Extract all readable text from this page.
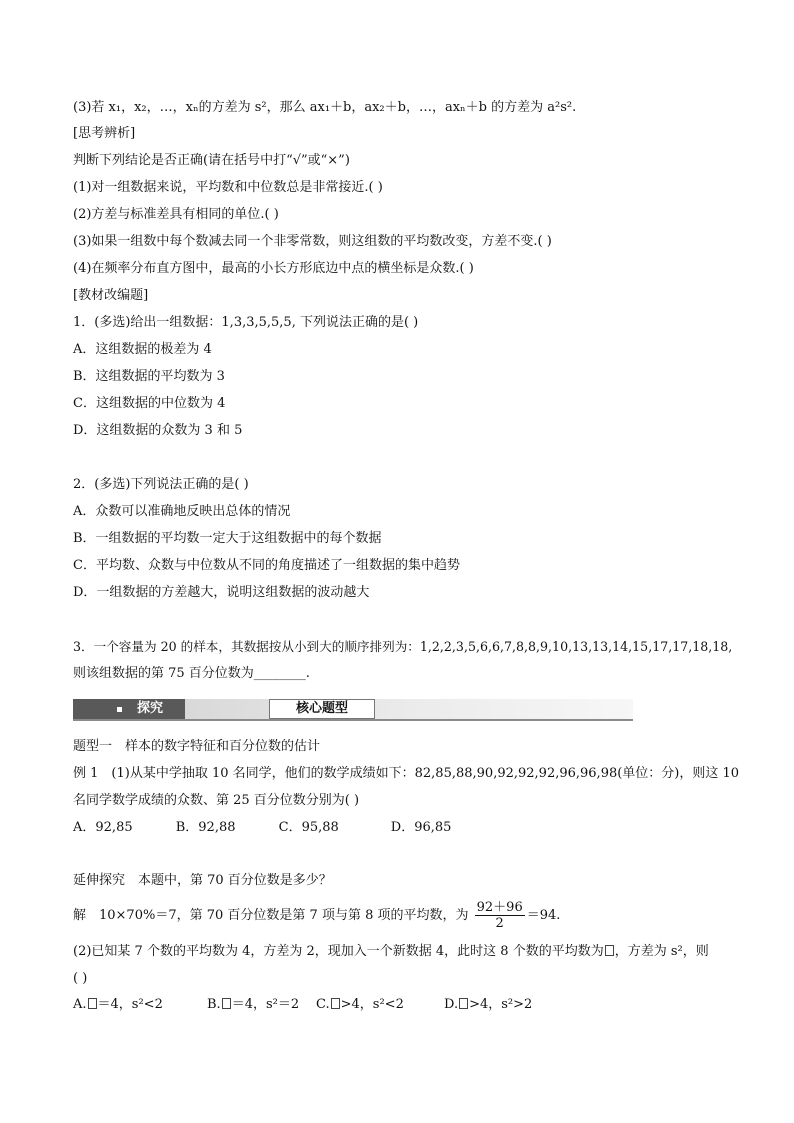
(3)若 x₁，x₂，…，xₙ的方差为 s²，那么 ax₁＋b，ax₂＋b，…，axₙ＋b 的方差为 a²s².
[思考辨析]
判断下列结论是否正确(请在括号中打“√”或“×”)
(1)对一组数据来说，平均数和中位数总是非常接近.( )
(2)方差与标准差具有相同的单位.( )
(3)如果一组数中每个数减去同一个非零常数，则这组数的平均数改变，方差不变.( )
(4)在频率分布直方图中，最高的小长方形底边中点的横坐标是众数.( )
[教材改编题]
1．(多选)给出一组数据：1,3,3,5,5,5, 下列说法正确的是( )
A．这组数据的极差为 4
B．这组数据的平均数为 3
C．这组数据的中位数为 4
D．这组数据的众数为 3 和 5
2．(多选)下列说法正确的是( )
A．众数可以准确地反映出总体的情况
B．一组数据的平均数一定大于这组数据中的每个数据
C．平均数、众数与中位数从不同的角度描述了一组数据的集中趋势
D．一组数据的方差越大，说明这组数据的波动越大
3．一个容量为 20 的样本，其数据按从小到大的顺序排列为：1,2,2,3,5,6,6,7,8,8,9,10,13,13,14,15,17,17,18,18,
则该组数据的第 75 百分位数为________.
探究	核心题型
题型一　样本的数字特征和百分位数的估计
例 1　(1)从某中学抽取 10 名同学，他们的数学成绩如下：82,85,88,90,92,92,92,96,96,98(单位：分)，则这 10
名同学数学成绩的众数、第 25 百分位数分别为( )
A．92,85　　　 B．92,88　　　 C．95,88　　　　D．96,85
延伸探究　本题中，第 70 百分位数是多少？
解　10×70%＝7，第 70 百分位数是第 7 项与第 8 项的平均数，为 $\frac{92+96}{2} =94$.
(2)已知某 7 个数的平均数为 4，方差为 2，现加入一个新数据 4，此时这 8 个数的平均数为 ，方差为 s²，则
( )
A. ＝4，s²<2	B. ＝4，s²＝2 C. >4，s²<2	D. >4，s²>2
